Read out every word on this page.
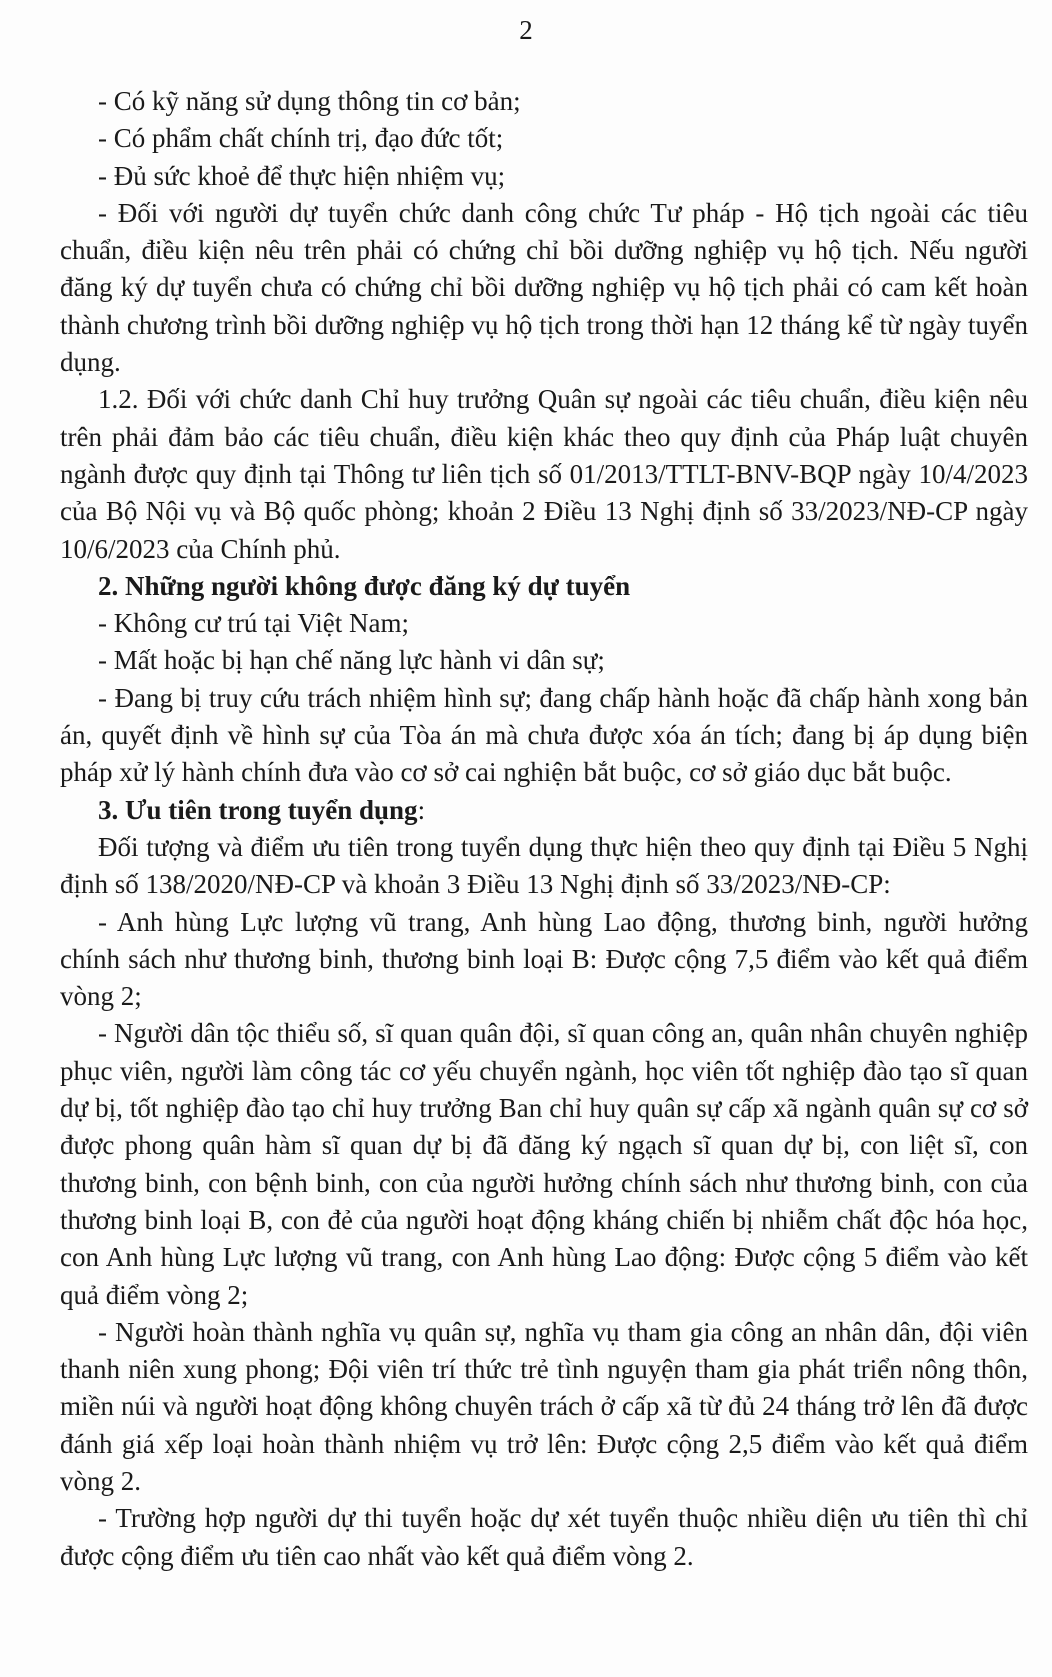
2

- Có kỹ năng sử dụng thông tin cơ bản;

- Có phẩm chất chính trị, đạo đức tốt;

- Đủ sức khoẻ để thực hiện nhiệm vụ;

- Đối với người dự tuyển chức danh công chức Tư pháp - Hộ tịch ngoài các tiêu chuẩn, điều kiện nêu trên phải có chứng chỉ bồi dưỡng nghiệp vụ hộ tịch. Nếu người đăng ký dự tuyển chưa có chứng chỉ bồi dưỡng nghiệp vụ hộ tịch phải có cam kết hoàn thành chương trình bồi dưỡng nghiệp vụ hộ tịch trong thời hạn 12 tháng kể từ ngày tuyển dụng.

1.2. Đối với chức danh Chỉ huy trưởng Quân sự ngoài các tiêu chuẩn, điều kiện nêu trên phải đảm bảo các tiêu chuẩn, điều kiện khác theo quy định của Pháp luật chuyên ngành được quy định tại Thông tư liên tịch số 01/2013/TTLT-BNV-BQP ngày 10/4/2023 của Bộ Nội vụ và Bộ quốc phòng; khoản 2 Điều 13 Nghị định số 33/2023/NĐ-CP ngày 10/6/2023 của Chính phủ.

2. Những người không được đăng ký dự tuyển

- Không cư trú tại Việt Nam;

- Mất hoặc bị hạn chế năng lực hành vi dân sự;

- Đang bị truy cứu trách nhiệm hình sự; đang chấp hành hoặc đã chấp hành xong bản án, quyết định về hình sự của Tòa án mà chưa được xóa án tích; đang bị áp dụng biện pháp xử lý hành chính đưa vào cơ sở cai nghiện bắt buộc, cơ sở giáo dục bắt buộc.

3. Ưu tiên trong tuyển dụng:

Đối tượng và điểm ưu tiên trong tuyển dụng thực hiện theo quy định tại Điều 5 Nghị định số 138/2020/NĐ-CP và khoản 3 Điều 13 Nghị định số 33/2023/NĐ-CP:

- Anh hùng Lực lượng vũ trang, Anh hùng Lao động, thương binh, người hưởng chính sách như thương binh, thương binh loại B: Được cộng 7,5 điểm vào kết quả điểm vòng 2;

- Người dân tộc thiểu số, sĩ quan quân đội, sĩ quan công an, quân nhân chuyên nghiệp phục viên, người làm công tác cơ yếu chuyển ngành, học viên tốt nghiệp đào tạo sĩ quan dự bị, tốt nghiệp đào tạo chỉ huy trưởng Ban chỉ huy quân sự cấp xã ngành quân sự cơ sở được phong quân hàm sĩ quan dự bị đã đăng ký ngạch sĩ quan dự bị, con liệt sĩ, con thương binh, con bệnh binh, con của người hưởng chính sách như thương binh, con của thương binh loại B, con đẻ của người hoạt động kháng chiến bị nhiễm chất độc hóa học, con Anh hùng Lực lượng vũ trang, con Anh hùng Lao động: Được cộng 5 điểm vào kết quả điểm vòng 2;

- Người hoàn thành nghĩa vụ quân sự, nghĩa vụ tham gia công an nhân dân, đội viên thanh niên xung phong; Đội viên trí thức trẻ tình nguyện tham gia phát triển nông thôn, miền núi và người hoạt động không chuyên trách ở cấp xã từ đủ 24 tháng trở lên đã được đánh giá xếp loại hoàn thành nhiệm vụ trở lên: Được cộng 2,5 điểm vào kết quả điểm vòng 2.

- Trường hợp người dự thi tuyển hoặc dự xét tuyển thuộc nhiều diện ưu tiên thì chỉ được cộng điểm ưu tiên cao nhất vào kết quả điểm vòng 2.
